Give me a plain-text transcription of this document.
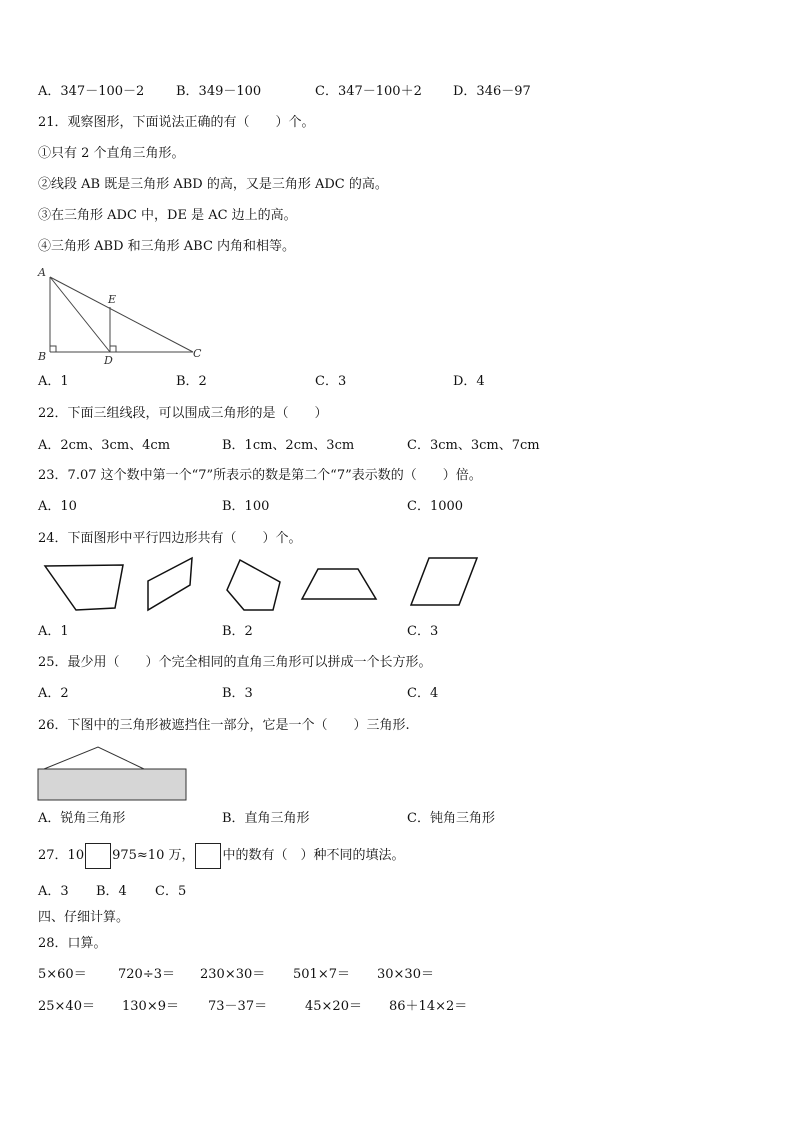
A．347－100－2 B．349－100	C．347－100＋2 D．346－97
21．观察图形，下面说法正确的有（　　）个。
①只有 2 个直角三角形。
②线段 AB 既是三角形 ABD 的高，又是三角形 ADC 的高。
③在三角形 ADC 中，DE 是 AC 边上的高。
④三角形 ABD 和三角形 ABC 内角和相等。
A
E
B	D
C
A．1	B．2	C．3	D．4
22．下面三组线段，可以围成三角形的是（　　）
A．2cm、3cm、4cm	B．1cm、2cm、3cm	C．3cm、3cm、7cm
23．7.07 这个数中第一个“7”所表示的数是第二个“7”表示数的（　　）倍。
A．10	B．100	C．1000
24．下面图形中平行四边形共有（　　）个。
A．1	B．2	C．3
25．最少用（　　）个完全相同的直角三角形可以拼成一个长方形。
A．2	B．3	C．4
26．下图中的三角形被遮挡住一部分，它是一个（　　）三角形.
A．锐角三角形	B．直角三角形	C．钝角三角形
27．10 975≈10 万， 中的数有（　）种不同的填法。
A．3 B．4 C．5
四、仔细计算。
28．口算。
5×60＝ 720÷3＝ 230×30＝ 501×7＝ 30×30＝
25×40＝ 130×9＝ 73－37＝	45×20＝ 86＋14×2＝
